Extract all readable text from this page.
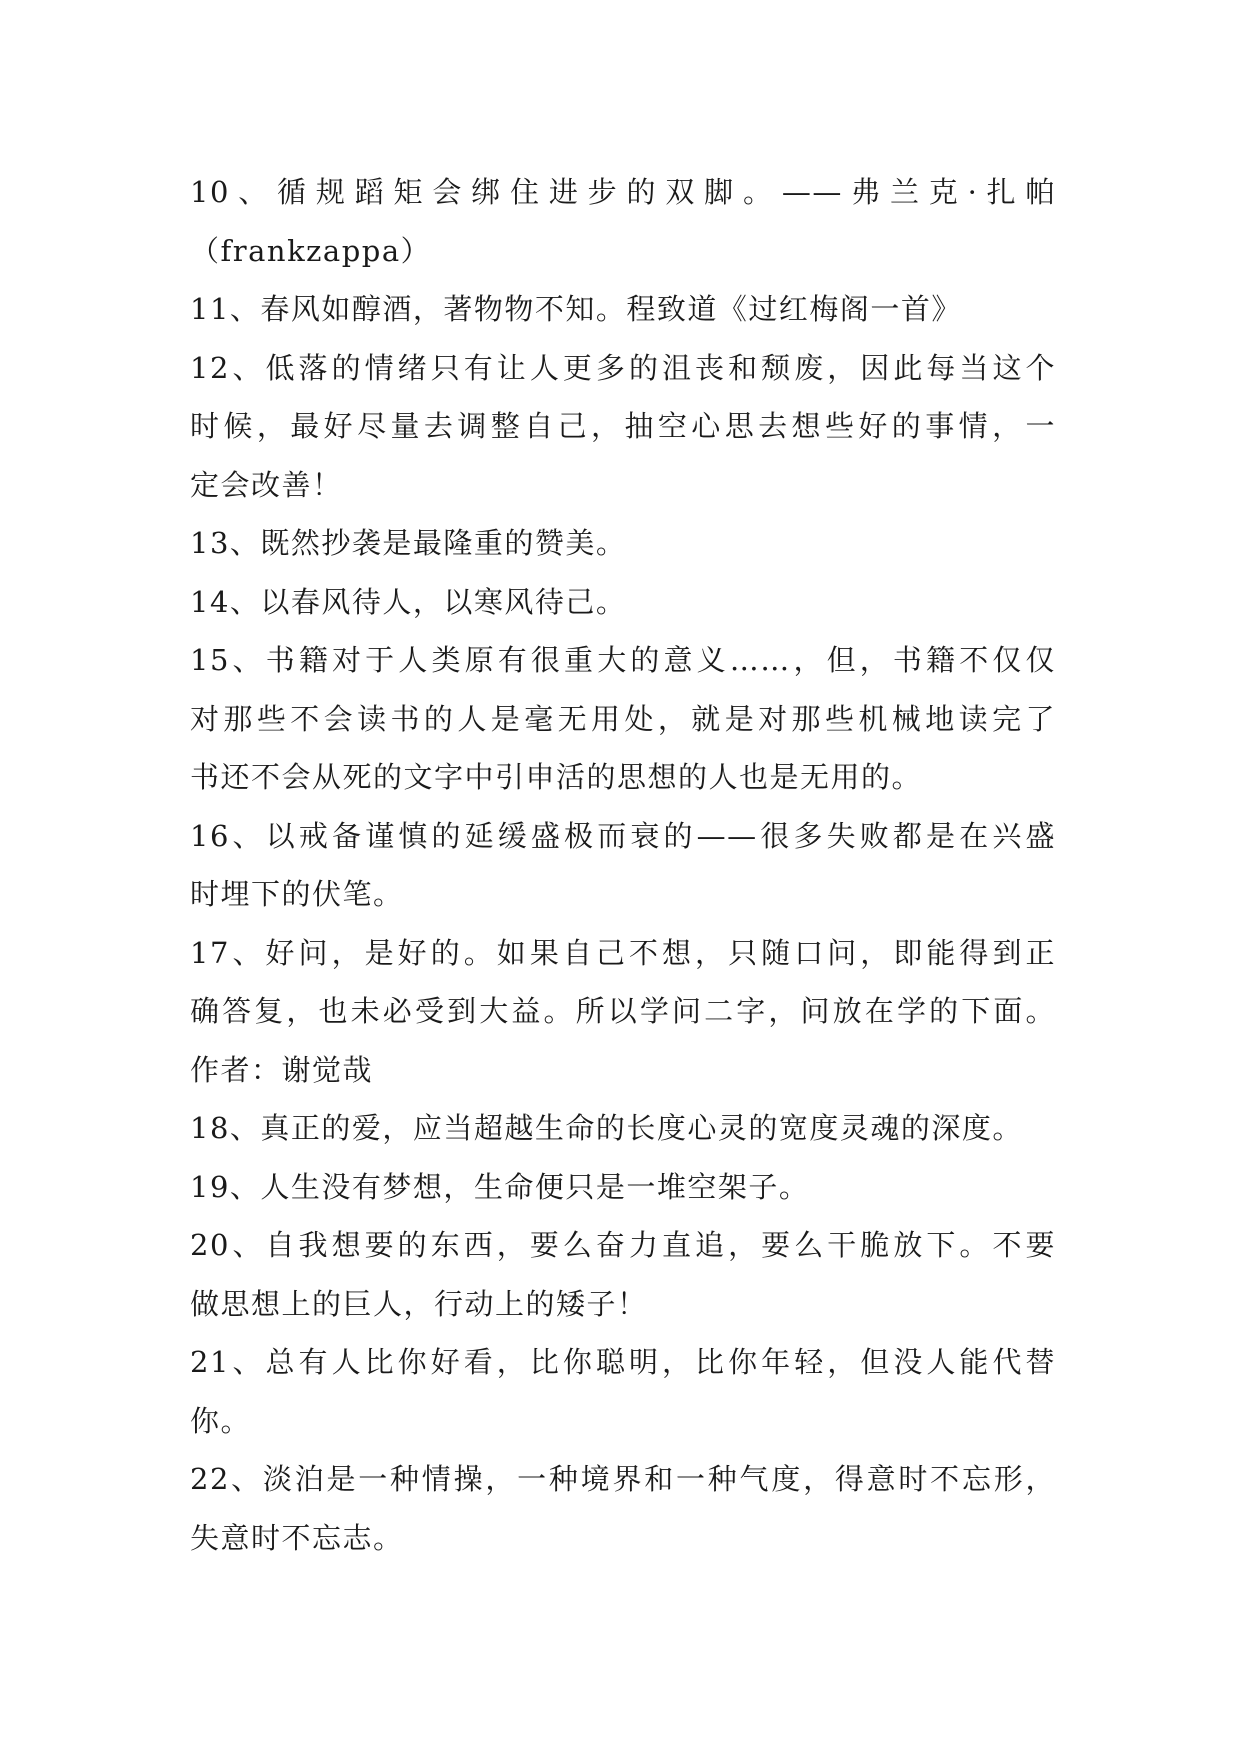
10、循规蹈矩会绑住进步的双脚。——弗兰克·扎帕
（frankzappa）
11、春风如醇酒，著物物不知。程致道《过红梅阁一首》
12、低落的情绪只有让人更多的沮丧和颓废，因此每当这个
时候，最好尽量去调整自己，抽空心思去想些好的事情，一
定会改善！
13、既然抄袭是最隆重的赞美。
14、以春风待人，以寒风待己。
15、书籍对于人类原有很重大的意义……，但，书籍不仅仅
对那些不会读书的人是毫无用处，就是对那些机械地读完了
书还不会从死的文字中引申活的思想的人也是无用的。
16、以戒备谨慎的延缓盛极而衰的——很多失败都是在兴盛
时埋下的伏笔。
17、好问，是好的。如果自己不想，只随口问，即能得到正
确答复，也未必受到大益。所以学问二字，问放在学的下面。
作者：谢觉哉
18、真正的爱，应当超越生命的长度心灵的宽度灵魂的深度。
19、人生没有梦想，生命便只是一堆空架子。
20、自我想要的东西，要么奋力直追，要么干脆放下。不要
做思想上的巨人，行动上的矮子！
21、总有人比你好看，比你聪明，比你年轻，但没人能代替
你。
22、淡泊是一种情操，一种境界和一种气度，得意时不忘形，
失意时不忘志。
